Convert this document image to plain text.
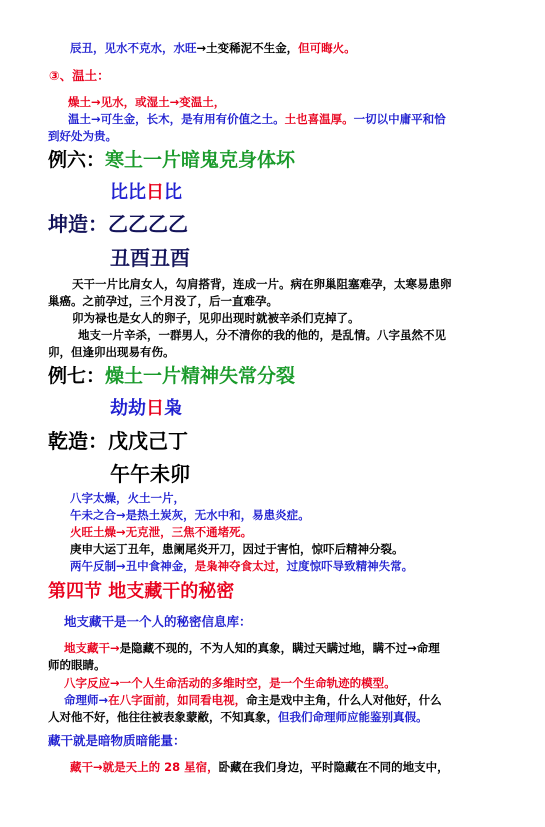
辰丑，见水不克水，水旺→土变稀泥不生金，但可晦火。
③、温土：
燥土→见水，或湿土→变温土，
温土→可生金，长木，是有用有价值之土。土也喜温厚。一切以中庸平和恰
到好处为贵。
例六：寒土一片暗鬼克身体坏
比比日比
坤造：乙乙乙乙
丑酉丑酉
天干一片比肩女人，勾肩搭背，连成一片。病在卵巢阻塞难孕，太寒易患卵
巢癌。之前孕过，三个月没了，后一直难孕。
卯为禄也是女人的卵子，见卯出现时就被辛杀们克掉了。
地支一片辛杀，一群男人，分不清你的我的他的，是乱情。八字虽然不见
卯，但逢卯出现易有伤。
例七：燥土一片精神失常分裂
劫劫日枭
乾造：戊戊己丁
午午未卯
八字太燥，火土一片，
午未之合→是热土炭灰，无水中和，易患炎症。
火旺土燥→无克泄，三焦不通堵死。
庚申大运丁丑年，患阑尾炎开刀，因过于害怕，惊吓后精神分裂。
两午反制→丑中食神金，是枭神夺食太过，过度惊吓导致精神失常。
第四节 地支藏干的秘密
地支藏干是一个人的秘密信息库：
地支藏干→是隐藏不现的，不为人知的真象，瞒过天瞒过地，瞒不过→命理
师的眼睛。
八字反应→一个人生命活动的多维时空，是一个生命轨迹的模型。
命理师→在八字面前，如同看电视，命主是戏中主角，什么人对他好，什么
人对他不好，他往往被表象蒙敝，不知真象，但我们命理师应能鉴别真假。
藏干就是暗物质暗能量：
藏干→就是天上的 28 星宿，卧藏在我们身边，平时隐藏在不同的地支中，
